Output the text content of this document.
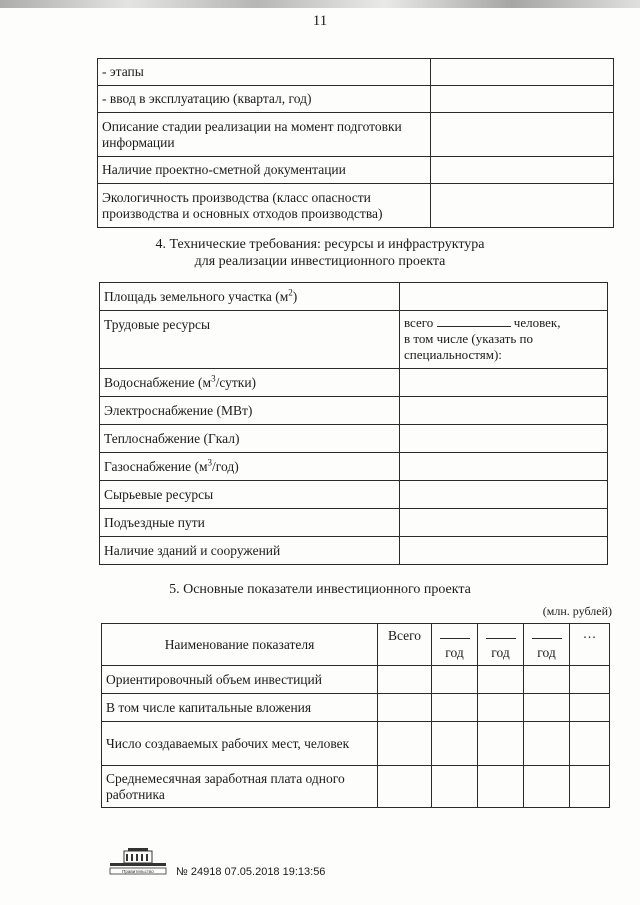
11
- этапы	
- ввод в эксплуатацию (квартал, год)	
Описание стадии реализации на момент подготовки информации	
Наличие проектно-сметной документации	
Экологичность производства (класс опасности производства и основных отходов производства)	
4. Технические требования: ресурсы и инфраструктура
для реализации инвестиционного проекта
Площадь земельного участка $(м^2)$	
Трудовые ресурсы	всего человек,
в том числе (указать по специальностям):
Водоснабжение $(м^3/сутки)$	
Электроснабжение (МВт)	
Теплоснабжение (Гкал)	
Газоснабжение $(м^3/год)$	
Сырьевые ресурсы	
Подъездные пути	
Наличие зданий и сооружений	
5. Основные показатели инвестиционного проекта
(млн. рублей)
Наименование показателя	Всего	год	год	год	…
Ориентировочный объем инвестиций					
В том числе капитальные вложения					
Число создаваемых рабочих мест, человек					
Среднемесячная заработная плата одного работника					
Правительство № 24918 07.05.2018 19:13:56
